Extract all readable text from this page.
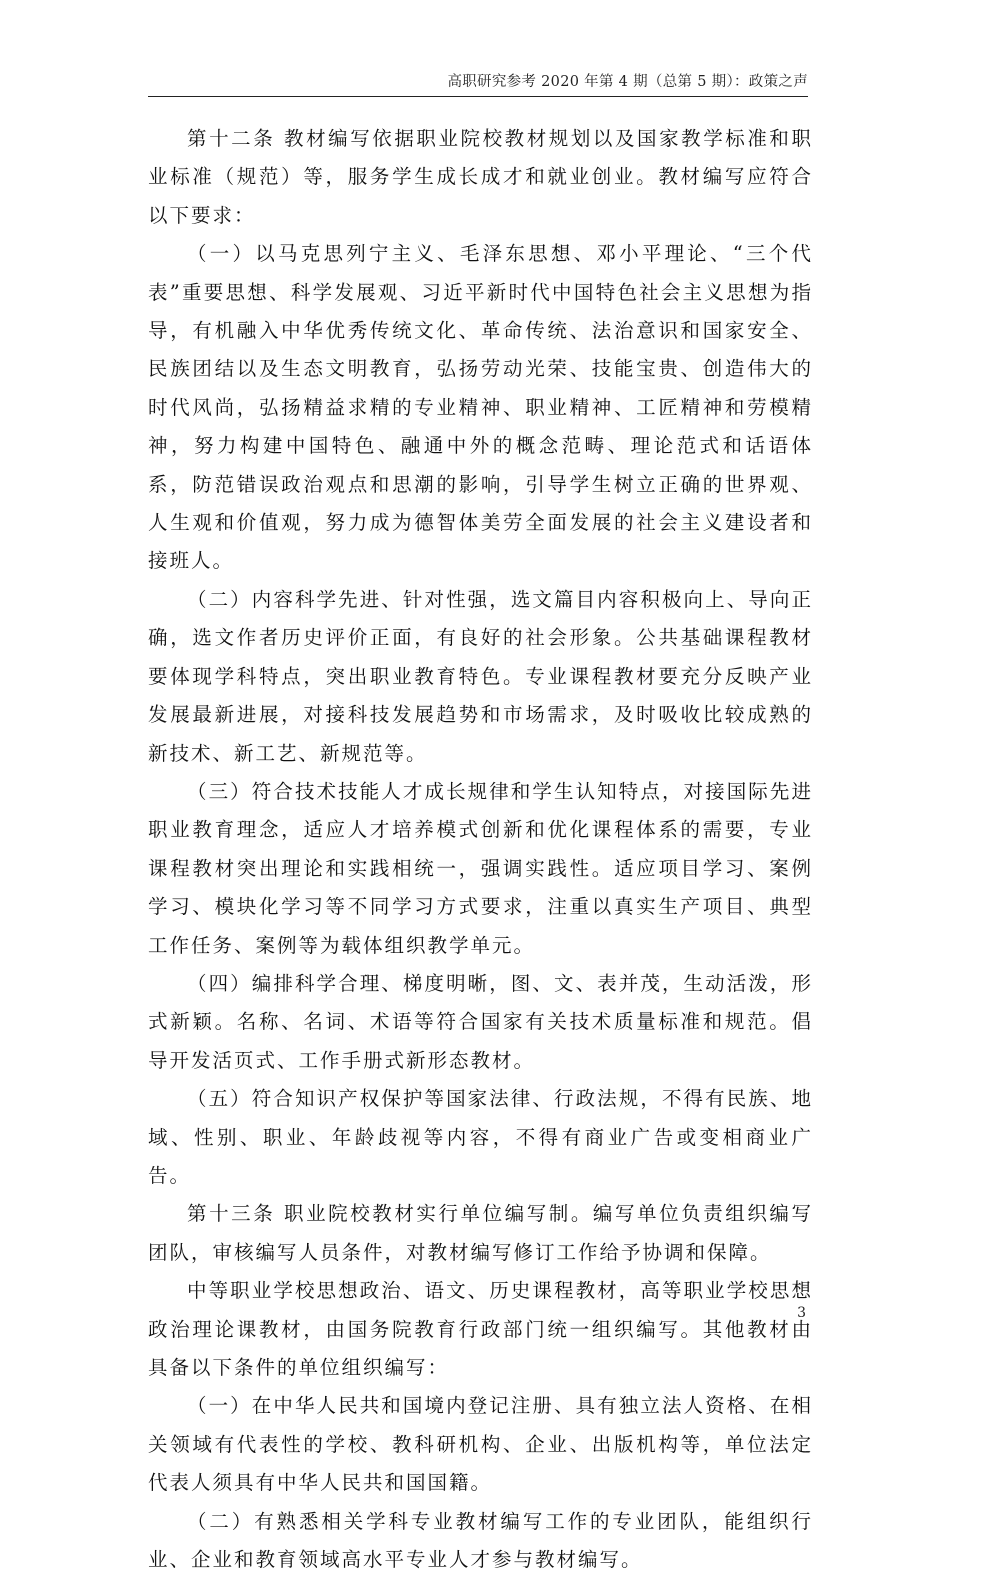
高职研究参考 2020 年第 4 期（总第 5 期）：政策之声

第十二条 教材编写依据职业院校教材规划以及国家教学标准和职业标准（规范）等，服务学生成长成才和就业创业。教材编写应符合以下要求：

（一）以马克思列宁主义、毛泽东思想、邓小平理论、“三个代表”重要思想、科学发展观、习近平新时代中国特色社会主义思想为指导，有机融入中华优秀传统文化、革命传统、法治意识和国家安全、民族团结以及生态文明教育，弘扬劳动光荣、技能宝贵、创造伟大的时代风尚，弘扬精益求精的专业精神、职业精神、工匠精神和劳模精神，努力构建中国特色、融通中外的概念范畴、理论范式和话语体系，防范错误政治观点和思潮的影响，引导学生树立正确的世界观、人生观和价值观，努力成为德智体美劳全面发展的社会主义建设者和接班人。

（二）内容科学先进、针对性强，选文篇目内容积极向上、导向正确，选文作者历史评价正面，有良好的社会形象。公共基础课程教材要体现学科特点，突出职业教育特色。专业课程教材要充分反映产业发展最新进展，对接科技发展趋势和市场需求，及时吸收比较成熟的新技术、新工艺、新规范等。

（三）符合技术技能人才成长规律和学生认知特点，对接国际先进职业教育理念，适应人才培养模式创新和优化课程体系的需要，专业课程教材突出理论和实践相统一，强调实践性。适应项目学习、案例学习、模块化学习等不同学习方式要求，注重以真实生产项目、典型工作任务、案例等为载体组织教学单元。

（四）编排科学合理、梯度明晰，图、文、表并茂，生动活泼，形式新颖。名称、名词、术语等符合国家有关技术质量标准和规范。倡导开发活页式、工作手册式新形态教材。

（五）符合知识产权保护等国家法律、行政法规，不得有民族、地域、性别、职业、年龄歧视等内容，不得有商业广告或变相商业广告。

第十三条 职业院校教材实行单位编写制。编写单位负责组织编写团队，审核编写人员条件，对教材编写修订工作给予协调和保障。

中等职业学校思想政治、语文、历史课程教材，高等职业学校思想政治理论课教材，由国务院教育行政部门统一组织编写。其他教材由具备以下条件的单位组织编写：

（一）在中华人民共和国境内登记注册、具有独立法人资格、在相关领域有代表性的学校、教科研机构、企业、出版机构等，单位法定代表人须具有中华人民共和国国籍。

（二）有熟悉相关学科专业教材编写工作的专业团队，能组织行业、企业和教育领域高水平专业人才参与教材编写。

3
